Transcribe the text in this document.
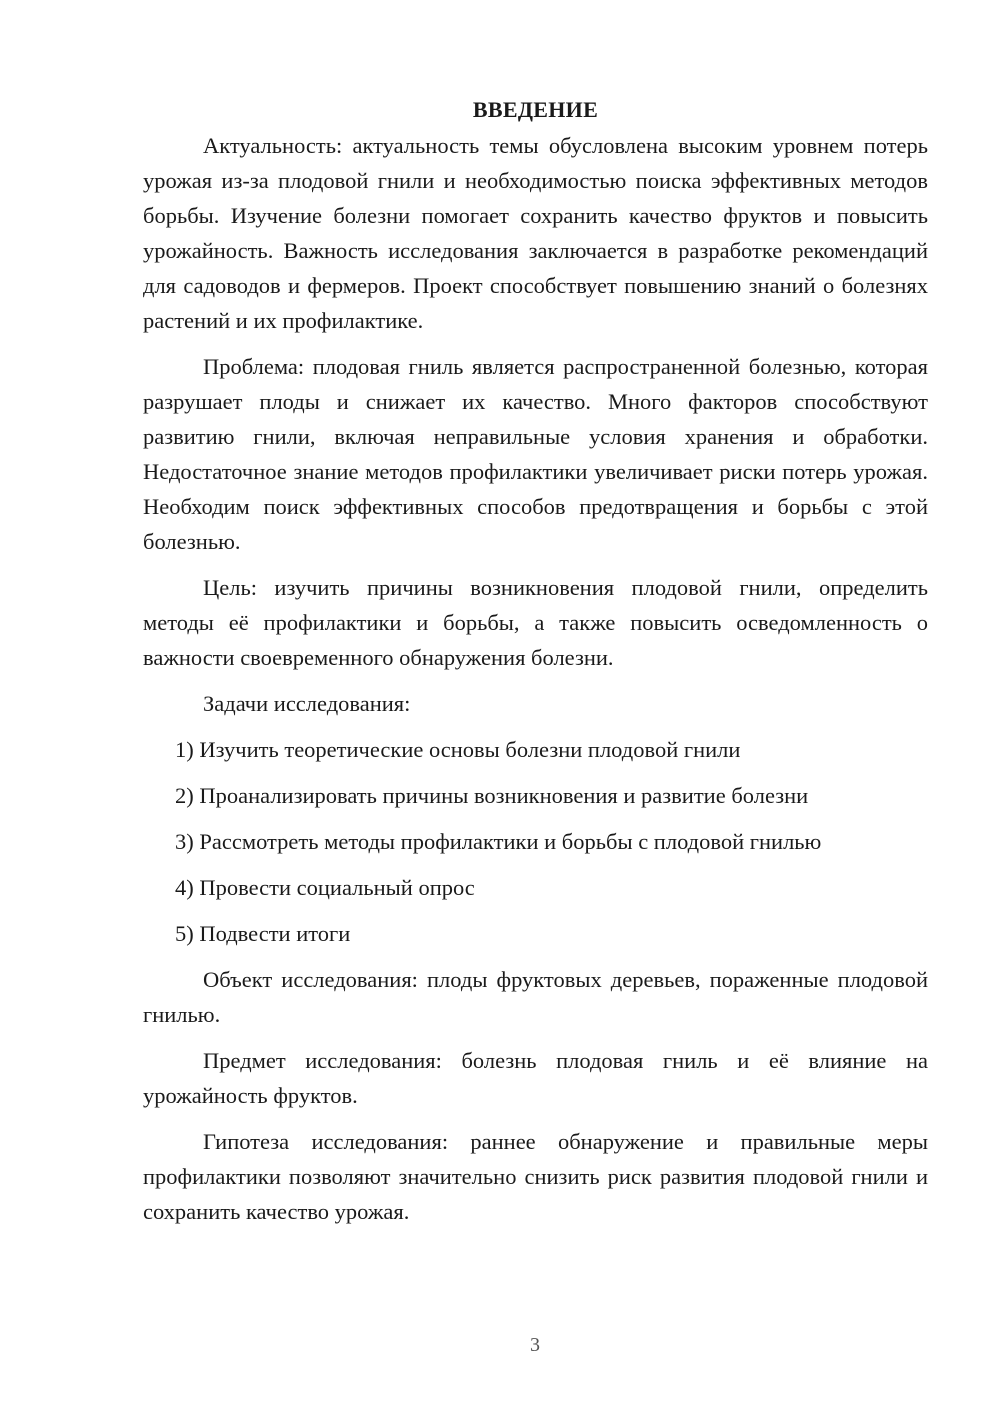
ВВЕДЕНИЕ

Актуальность: актуальность темы обусловлена высоким уровнем потерь урожая из-за плодовой гнили и необходимостью поиска эффективных методов борьбы. Изучение болезни помогает сохранить качество фруктов и повысить урожайность. Важность исследования заключается в разработке рекомендаций для садоводов и фермеров. Проект способствует повышению знаний о болезнях растений и их профилактике.

Проблема: плодовая гниль является распространенной болезнью, которая разрушает плоды и снижает их качество. Много факторов способствуют развитию гнили, включая неправильные условия хранения и обработки. Недостаточное знание методов профилактики увеличивает риски потерь урожая. Необходим поиск эффективных способов предотвращения и борьбы с этой болезнью.

Цель: изучить причины возникновения плодовой гнили, определить методы её профилактики и борьбы, а также повысить осведомленность о важности своевременного обнаружения болезни.

Задачи исследования:

1) Изучить теоретические основы болезни плодовой гнили
2) Проанализировать причины возникновения и развитие болезни
3) Рассмотреть методы профилактики и борьбы с плодовой гнилью
4) Провести социальный опрос
5) Подвести итоги

Объект исследования: плоды фруктовых деревьев, пораженные плодовой гнилью.

Предмет исследования: болезнь плодовая гниль и её влияние на урожайность фруктов.

Гипотеза исследования: раннее обнаружение и правильные меры профилактики позволяют значительно снизить риск развития плодовой гнили и сохранить качество урожая.

3
